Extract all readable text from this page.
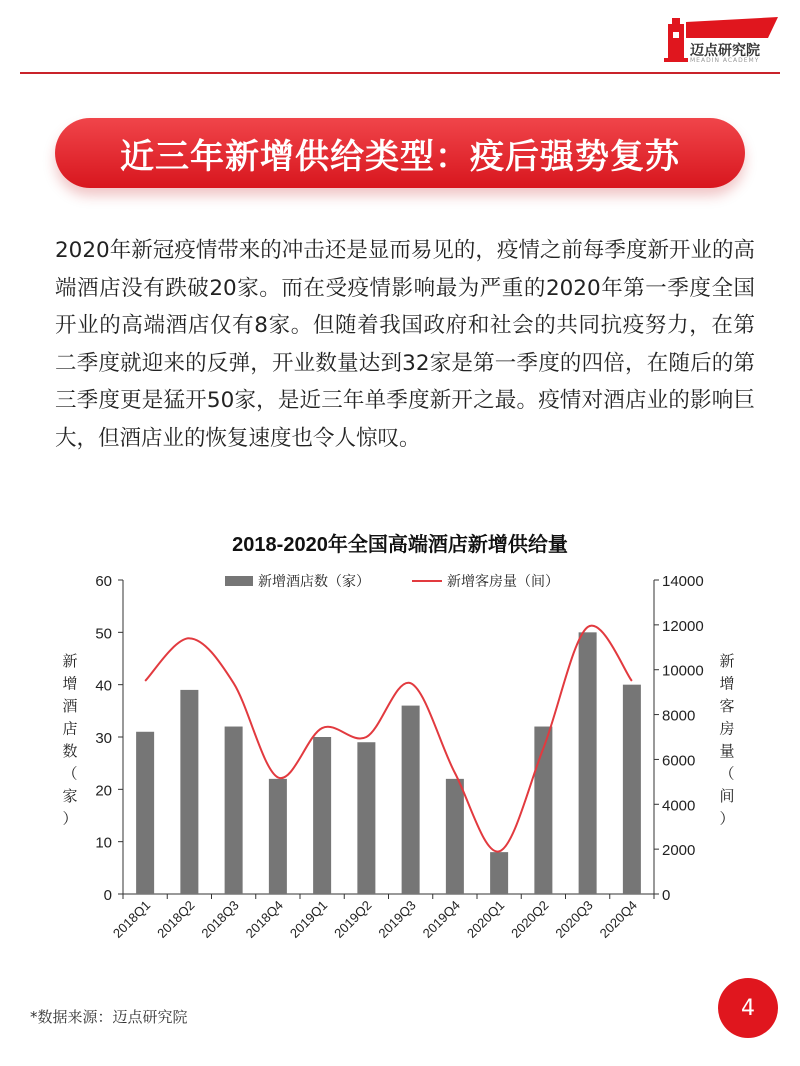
迈点研究院
MEADIN ACADEMY
近三年新增供给类型：疫后强势复苏

2020年新冠疫情带来的冲击还是显而易见的，疫情之前每季度新开业的高端酒店没有跌破20家。而在受疫情影响最为严重的2020年第一季度全国开业的高端酒店仅有8家。但随着我国政府和社会的共同抗疫努力，在第二季度就迎来的反弹，开业数量达到32家是第一季度的四倍，在随后的第三季度更是猛开50家，是近三年单季度新开之最。疫情对酒店业的影响巨大，但酒店业的恢复速度也令人惊叹。

2018-2020年全国高端酒店新增供给量
0
10
20
30
40
50
60
0
2000
4000
6000
8000
10000
12000
14000
2018Q1 2018Q2 2018Q3 2018Q4 2019Q1 2019Q2 2019Q3 2019Q4 2020Q1 2020Q2 2020Q3 2020Q4
新增酒店数（家）	新增客房量（间）
新增酒店数（家）
新增客房量（间）
*数据来源：迈点研究院	4
